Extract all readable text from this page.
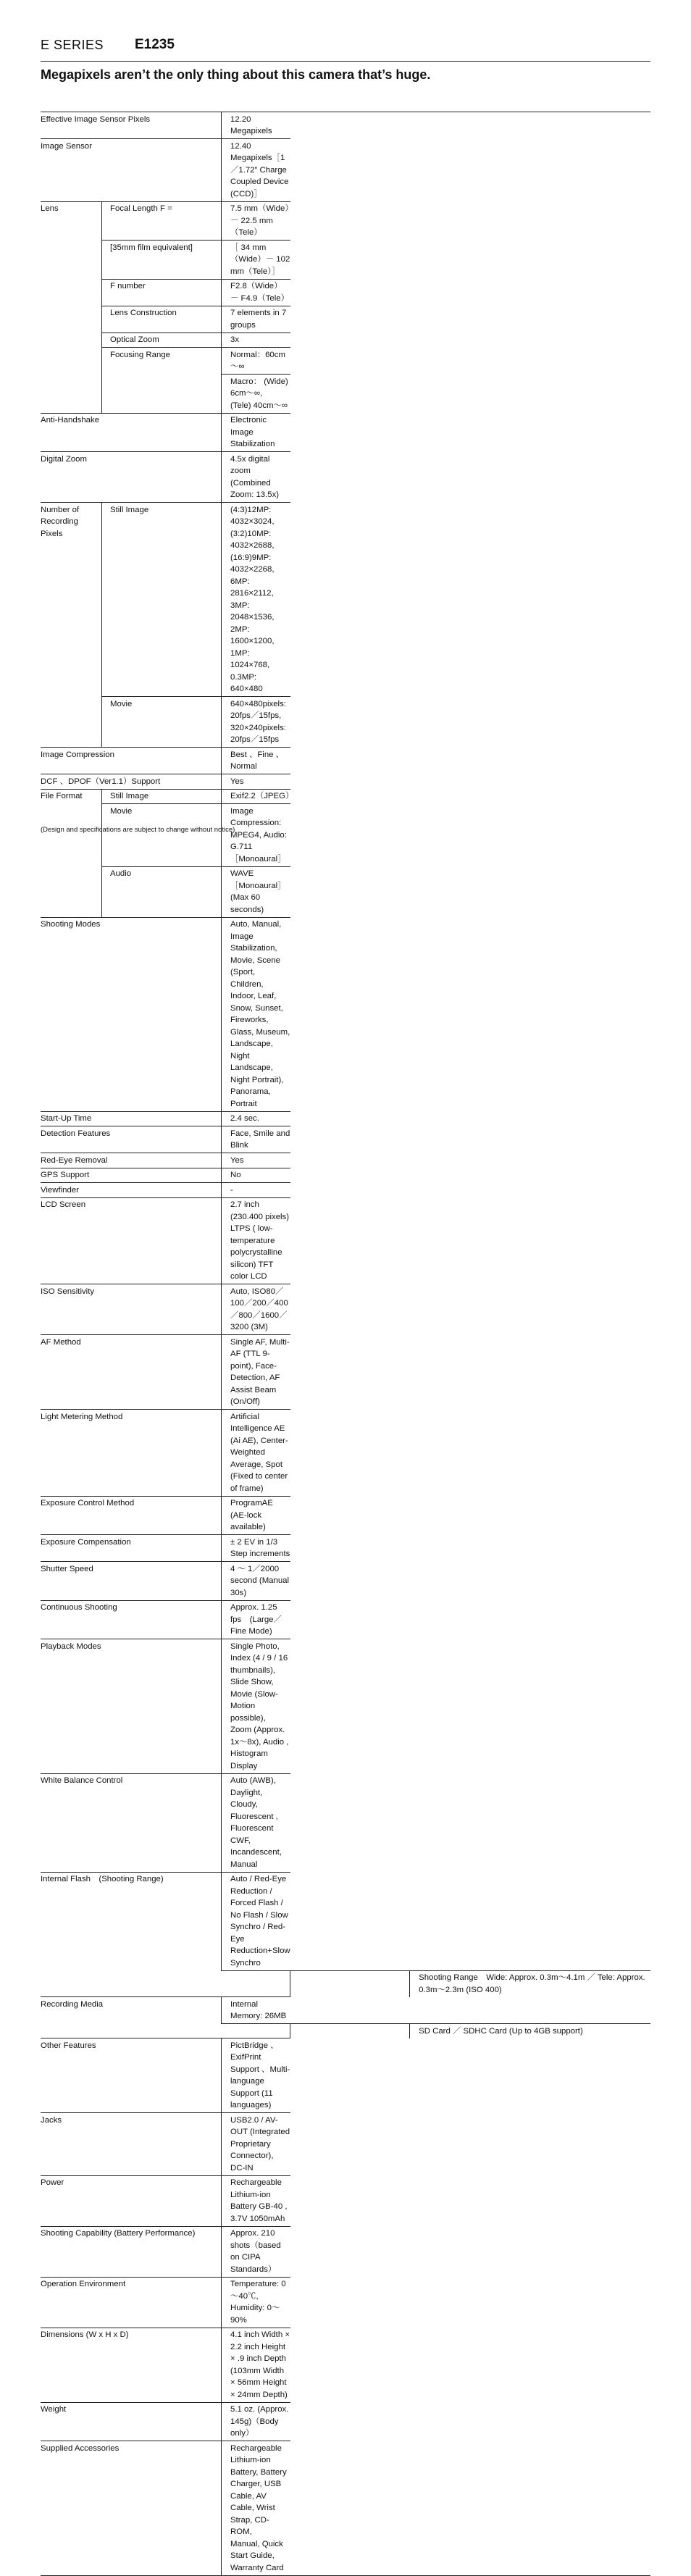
E SERIES E1235
Megapixels aren’t the only thing about this camera that’s huge.
Effective Image Sensor Pixels		12.20 Megapixels		
Image Sensor		12.40 Megapixels［1／1.72” Charge Coupled Device (CCD)］		
Lens	Focal Length F =	7.5 mm（Wide）－ 22.5 mm（Tele）		
	[35mm film equivalent]	［ 34 mm（Wide）－ 102 mm（Tele）］		
	F number	F2.8（Wide）－ F4.9（Tele）		
	Lens Construction	7 elements in 7 groups		
	Optical Zoom	3x		
	Focusing Range	Normal：60cm～∞		
		Macro： (Wide) 6cm～∞,　(Tele) 40cm～∞		
Anti-Handshake		Electronic Image Stabilization		
Digital Zoom		4.5x digital zoom　(Combined Zoom: 13.5x)		
Number of Recording Pixels	Still Image	(4:3)12MP: 4032×3024, (3:2)10MP: 4032×2688, (16:9)9MP: 4032×2268,
6MP: 2816×2112, 3MP: 2048×1536, 2MP: 1600×1200,
1MP: 1024×768, 0.3MP: 640×480		
	Movie	640×480pixels: 20fps／15fps,　320×240pixels: 20fps／15fps		
Image Compression		Best 、Fine 、Normal		
DCF 、DPOF（Ver1.1）Support		Yes		
File Format	Still Image	Exif2.2（JPEG）		
	Movie	Image Compression: MPEG4, Audio: G.711［Monoaural］		
	Audio	WAVE［Monoaural］(Max 60 seconds)		
Shooting Modes		Auto, Manual, Image Stabilization, Movie, Scene (Sport, Children, Indoor, Leaf, Snow, Sunset,
Fireworks, Glass, Museum, Landscape, Night Landscape, Night Portrait), Panorama, Portrait		
Start-Up Time		2.4 sec.		
Detection Features		Face, Smile and Blink		
Red-Eye Removal		Yes		
GPS Support		No		
Viewfinder		-		
LCD Screen		2.7 inch (230.400 pixels) LTPS ( low-temperature polycrystalline silicon) TFT color LCD		
ISO Sensitivity		Auto, ISO80／100／200／400／800／1600／3200 (3M)		
AF Method		Single AF, Multi-AF (TTL 9-point), Face-Detection, AF Assist Beam (On/Off)		
Light Metering Method		Artificial Intelligence AE (Ai AE), Center-Weighted Average, Spot (Fixed to center of frame)		
Exposure Control Method		ProgramAE (AE-lock available)		
Exposure Compensation		± 2 EV in 1/3 Step increments		
Shutter Speed		4 ～ 1／2000 second (Manual 30s)		
Continuous Shooting		Approx. 1.25 fps　(Large／Fine Mode)		
Playback Modes		Single Photo, Index (4 / 9 / 16 thumbnails), Slide Show, Movie (Slow-Motion possible),
Zoom (Approx. 1x～8x), Audio , Histogram Display		
White Balance Control		Auto (AWB), Daylight, Cloudy, Fluorescent , Fluorescent CWF, Incandescent, Manual		
Internal Flash　(Shooting Range)		Auto / Red-Eye Reduction / Forced Flash / No Flash / Slow Synchro / Red-Eye Reduction+Slow Synchro		
				Shooting Range　Wide: Approx. 0.3m～4.1m ／ Tele: Approx. 0.3m～2.3m (ISO 400)
Recording Media		Internal Memory: 26MB		
				SD Card ／ SDHC Card (Up to 4GB support)
Other Features		PictBridge 、ExifPrint Support 、Multi-language Support (11 languages)		
Jacks		USB2.0 / AV-OUT (Integrated Proprietary Connector), DC-IN		
Power		Rechargeable Lithium-ion Battery GB-40 , 3.7V 1050mAh		
Shooting Capability (Battery Performance)		Approx. 210 shots（based on CIPA Standards）		
Operation Environment		Temperature: 0～40℃, Humidity: 0～90%		
Dimensions (W x H x D)		4.1 inch Width × 2.2 inch Height × .9 inch Depth　(103mm Width × 56mm Height × 24mm Depth)		
Weight		5.1 oz. (Approx. 145g)（Body only）		
Supplied Accessories		Rechargeable Lithium-ion Battery, Battery Charger, USB Cable, AV Cable, Wrist Strap, CD-ROM,
Manual, Quick Start Guide, Warranty Card		
(Design and specifications are subject to change without notice)
